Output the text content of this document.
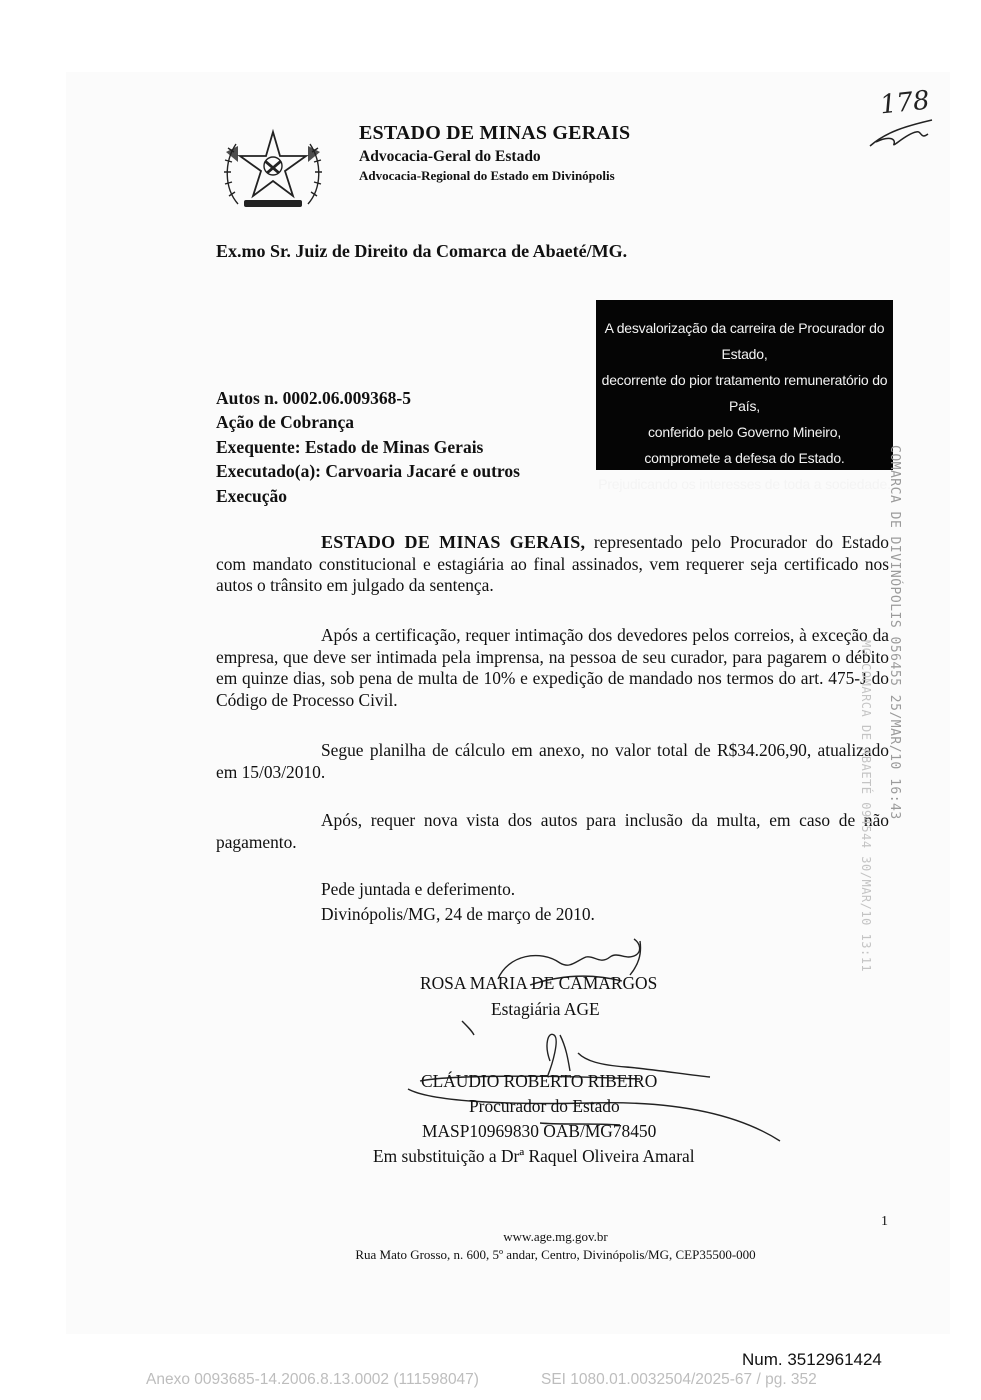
ESTADO DE MINAS GERAIS
Advocacia-Geral do Estado
Advocacia-Regional do Estado em Divinópolis
178
Ex.mo Sr. Juiz de Direito da Comarca de Abaeté/MG.
A desvalorização da carreira de Procurador do Estado,
decorrente do pior tratamento remuneratório do País,
conferido pelo Governo Mineiro,
compromete a defesa do Estado.
Prejudicando os interesses de toda a sociedade.
Autos n. 0002.06.009368-5
Ação de Cobrança
Exequente: Estado de Minas Gerais
Executado(a): Carvoaria Jacaré e outros
Execução
ESTADO DE MINAS GERAIS, representado pelo Procurador do Estado com mandato constitucional e estagiária ao final assinados, vem requerer seja certificado nos autos o trânsito em julgado da sentença.
Após a certificação, requer intimação dos devedores pelos correios, à exceção da empresa, que deve ser intimada pela imprensa, na pessoa de seu curador, para pagarem o débito em quinze dias, sob pena de multa de 10% e expedição de mandado nos termos do art. 475-J do Código de Processo Civil.
Segue planilha de cálculo em anexo, no valor total de R$34.206,90, atualizado em 15/03/2010.
Após, requer nova vista dos autos para inclusão da multa, em caso de não pagamento.
Pede juntada e deferimento.
Divinópolis/MG, 24 de março de 2010.
ROSA MARIA DE CAMARGOS
Estagiária AGE
CLÁUDIO ROBERTO RIBEIRO
Procurador do Estado
MASP10969830 OAB/MG78450
Em substituição a Drª Raquel Oliveira Amaral
COMARCA DE DIVINÓPOLIS 056455 25/MAR/10 16:43
MG COMARCA DE ABAETÉ 094544 30/MAR/10 13:11
1
www.age.mg.gov.br
Rua Mato Grosso, n. 600, 5º andar, Centro, Divinópolis/MG, CEP35500-000
Num. 3512961424
Anexo 0093685-14.2006.8.13.0002 (111598047)	SEI 1080.01.0032504/2025-67 / pg. 352
